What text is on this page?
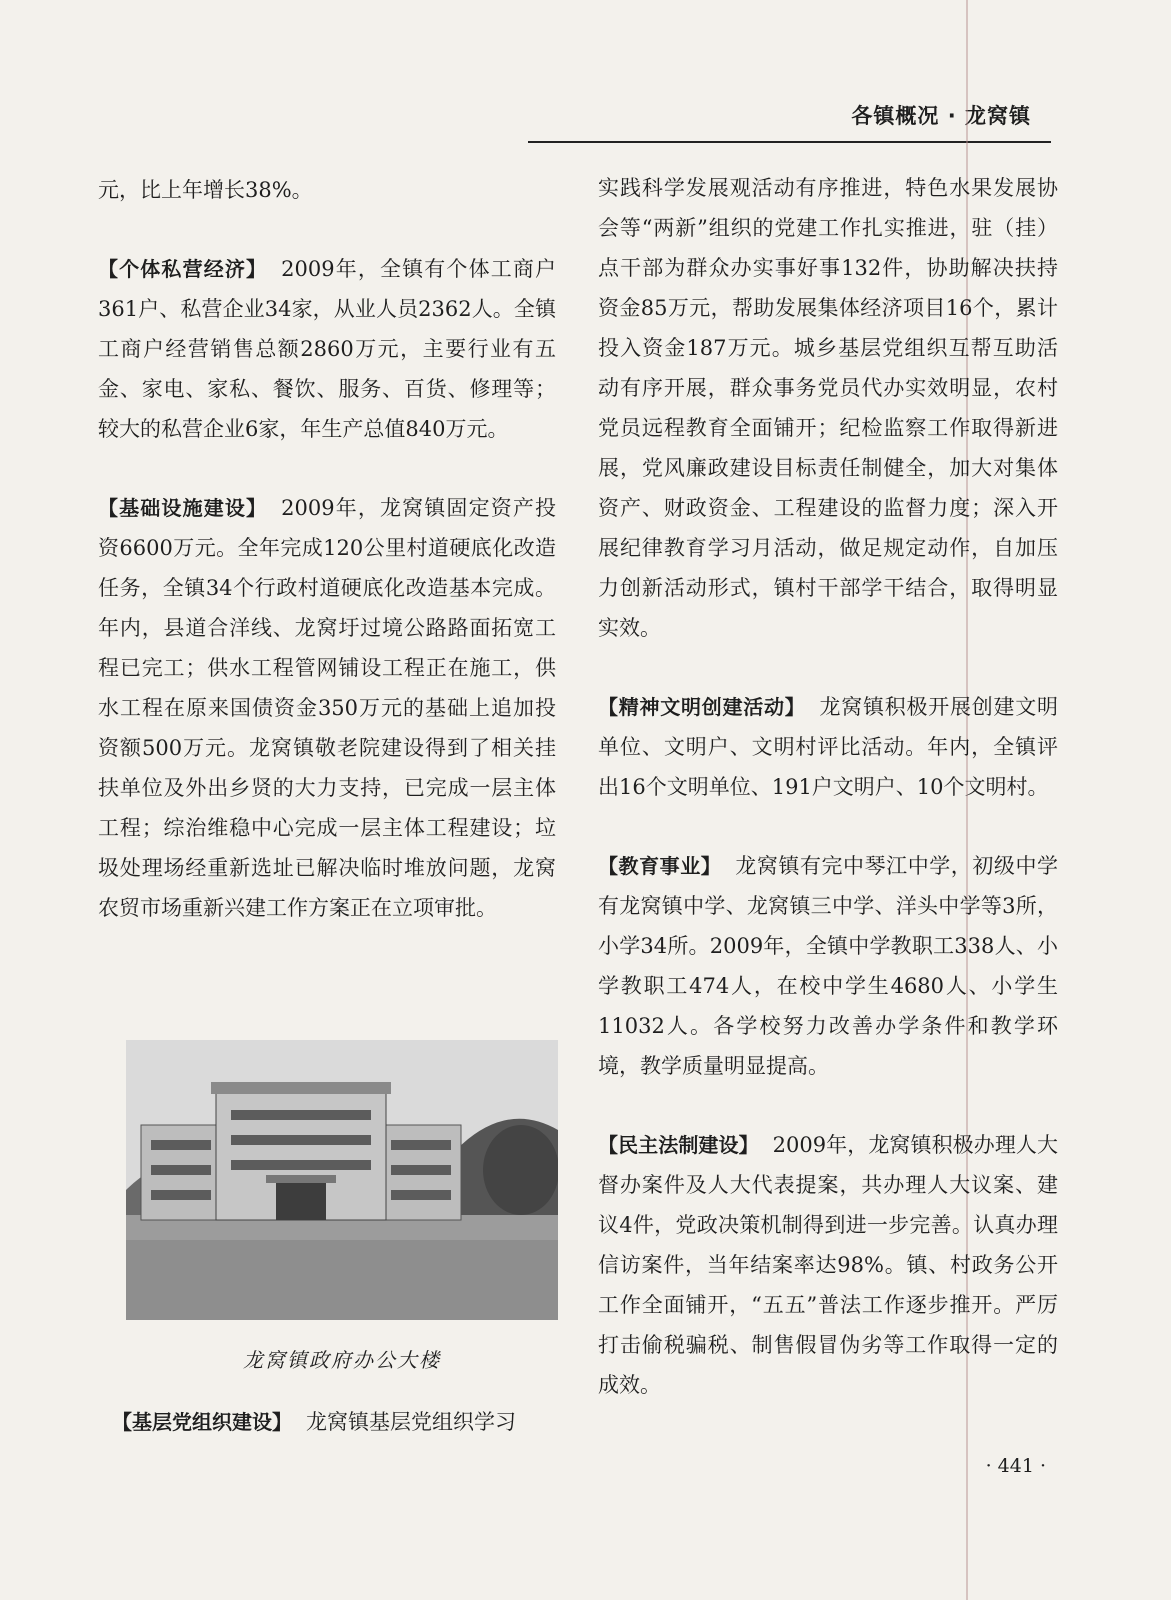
各镇概况 · 龙窝镇

元，比上年增长38%。

【个体私营经济】 2009年，全镇有个体工商户361户、私营企业34家，从业人员2362人。全镇工商户经营销售总额2860万元，主要行业有五金、家电、家私、餐饮、服务、百货、修理等；较大的私营企业6家，年生产总值840万元。

【基础设施建设】 2009年，龙窝镇固定资产投资6600万元。全年完成120公里村道硬底化改造任务，全镇34个行政村道硬底化改造基本完成。年内，县道合洋线、龙窝圩过境公路路面拓宽工程已完工；供水工程管网铺设工程正在施工，供水工程在原来国债资金350万元的基础上追加投资额500万元。龙窝镇敬老院建设得到了相关挂扶单位及外出乡贤的大力支持，已完成一层主体工程；综治维稳中心完成一层主体工程建设；垃圾处理场经重新选址已解决临时堆放问题，龙窝农贸市场重新兴建工作方案正在立项审批。

龙窝镇政府办公大楼
【基层党组织建设】 龙窝镇基层党组织学习

实践科学发展观活动有序推进，特色水果发展协会等“两新”组织的党建工作扎实推进，驻（挂）点干部为群众办实事好事132件，协助解决扶持资金85万元，帮助发展集体经济项目16个，累计投入资金187万元。城乡基层党组织互帮互助活动有序开展，群众事务党员代办实效明显，农村党员远程教育全面铺开；纪检监察工作取得新进展，党风廉政建设目标责任制健全，加大对集体资产、财政资金、工程建设的监督力度；深入开展纪律教育学习月活动，做足规定动作，自加压力创新活动形式，镇村干部学干结合，取得明显实效。

【精神文明创建活动】 龙窝镇积极开展创建文明单位、文明户、文明村评比活动。年内，全镇评出16个文明单位、191户文明户、10个文明村。

【教育事业】 龙窝镇有完中琴江中学，初级中学有龙窝镇中学、龙窝镇三中学、洋头中学等3所，小学34所。2009年，全镇中学教职工338人、小学教职工474人，在校中学生4680人、小学生11032人。各学校努力改善办学条件和教学环境，教学质量明显提高。

【民主法制建设】 2009年，龙窝镇积极办理人大督办案件及人大代表提案，共办理人大议案、建议4件，党政决策机制得到进一步完善。认真办理信访案件，当年结案率达98%。镇、村政务公开工作全面铺开，“五五”普法工作逐步推开。严厉打击偷税骗税、制售假冒伪劣等工作取得一定的成效。

· 441 ·
